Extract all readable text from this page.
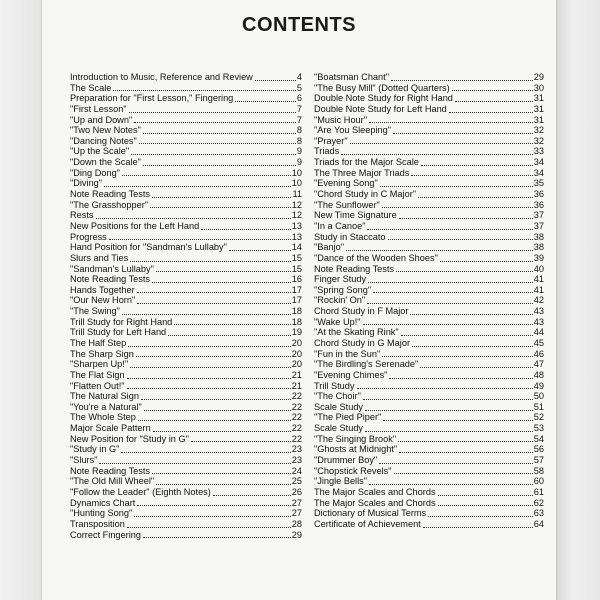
CONTENTS
Introduction to Music, Reference and Review	4
The Scale	5
Preparation for "First Lesson," Fingering	6
"First Lesson"	7
"Up and Down"	7
"Two New Notes"	8
"Dancing Notes"	8
"Up the Scale"	9
"Down the Scale"	9
"Ding Dong"	10
"Diving"	10
Note Reading Tests	11
"The Grasshopper"	12
Rests	12
New Positions for the Left Hand	13
Progress	13
Hand Position for "Sandman's Lullaby"	14
Slurs and Ties	15
"Sandman's Lullaby"	15
Note Reading Tests	16
Hands Together	17
"Our New Horn"	17
"The Swing"	18
Trill Study for Right Hand	18
Trill Study for Left Hand	19
The Half Step	20
The Sharp Sign	20
"Sharpen Up!"	20
The Flat Sign	21
"Flatten Out!"	21
The Natural Sign	22
"You're a Natural"	22
The Whole Step	22
Major Scale Pattern	22
New Position for "Study in G"	22
"Study in G"	23
"Slurs"	23
Note Reading Tests	24
"The Old Mill Wheel"	25
"Follow the Leader" (Eighth Notes)	26
Dynamics Chart	27
"Hunting Song"	27
Transposition	28
Correct Fingering	29
"Boatsman Chant"	29
"The Busy Mill" (Dotted Quarters)	30
Double Note Study for Right Hand	31
Double Note Study for Left Hand	31
"Music Hour"	31
"Are You Sleeping"	32
"Prayer"	32
Triads	33
Triads for the Major Scale	34
The Three Major Triads	34
"Evening Song"	35
"Chord Study in C Major"	36
"The Sunflower"	36
New Time Signature	37
"In a Canoe"	37
Study in Staccato	38
"Banjo"	38
"Dance of the Wooden Shoes"	39
Note Reading Tests	40
Finger Study	41
"Spring Song"	41
"Rockin' On"	42
Chord Study in F Major	43
"Wake Up!"	43
"At the Skating Rink"	44
Chord Study in G Major	45
"Fun in the Sun"	46
"The Birdling's Serenade"	47
"Evening Chimes"	48
Trill Study	49
"The Choir"	50
Scale Study	51
"The Pied Piper"	52
Scale Study	53
"The Singing Brook"	54
"Ghosts at Midnight"	56
"Drummer Boy"	57
"Chopstick Revels"	58
"Jingle Bells"	60
The Major Scales and Chords	61
The Major Scales and Chords	62
Dictionary of Musical Terms	63
Certificate of Achievement	64
